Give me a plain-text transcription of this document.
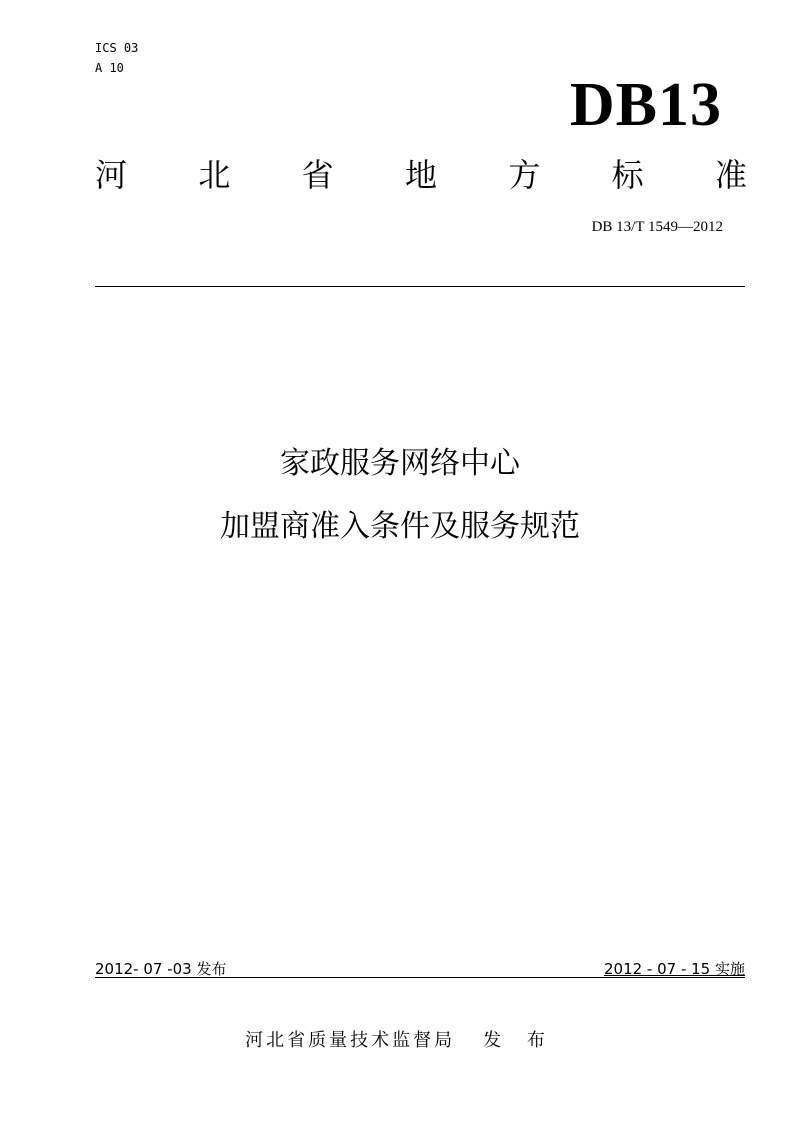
ICS 03
A 10
DB13
河 北 省 地 方 标 准
DB 13/T 1549—2012
家政服务网络中心
加盟商准入条件及服务规范
2012- 07 -03 发布	2012 - 07 - 15 实施
河北省质量技术监督局 发 布
